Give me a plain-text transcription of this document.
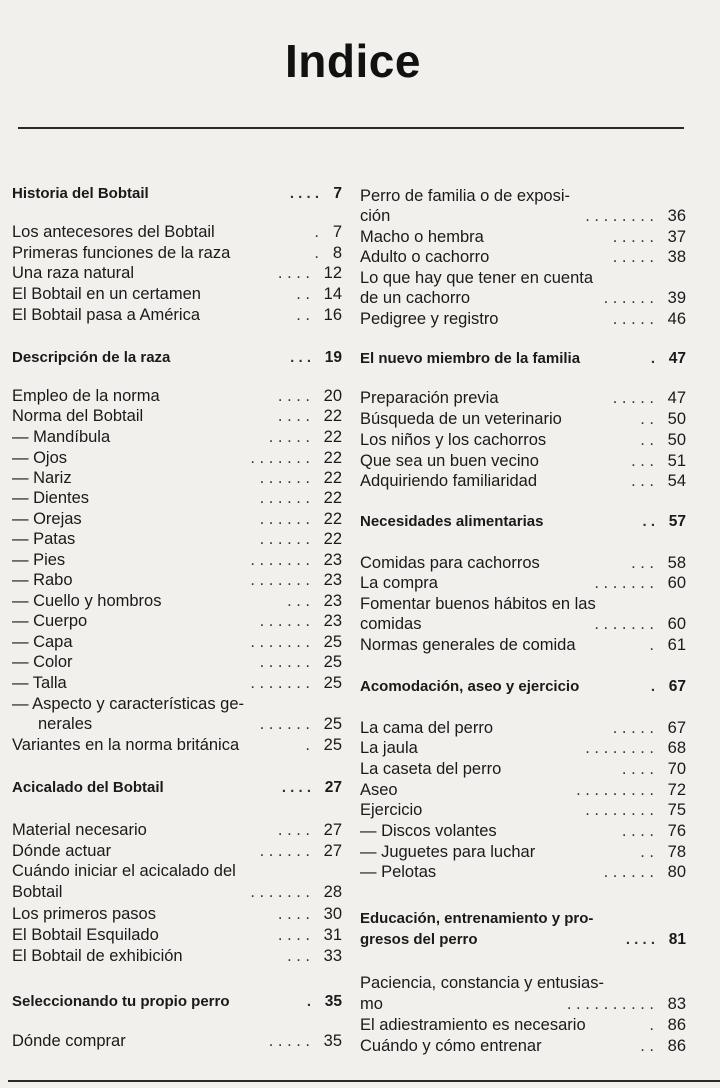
Indice
Historia del Bobtail	. . . . 7
Los antecesores del Bobtail	. 7
Primeras funciones de la raza	. 8
Una raza natural	. . . . 12
El Bobtail en un certamen	. . 14
El Bobtail pasa a América	. . 16
Descripción de la raza	. . . 19
Empleo de la norma	. . . . 20
Norma del Bobtail	. . . . 22
— Mandíbula	. . . . . 22
— Ojos	. . . . . . . 22
— Nariz	. . . . . . 22
— Dientes	. . . . . . 22
— Orejas	. . . . . . 22
— Patas	. . . . . . 22
— Pies	. . . . . . . 23
— Rabo	. . . . . . . 23
— Cuello y hombros	. . . 23
— Cuerpo	. . . . . . 23
— Capa	. . . . . . . 25
— Color	. . . . . . 25
— Talla	. . . . . . . 25
— Aspecto y características ge-
nerales	. . . . . . 25
Variantes en la norma británica	. 25
Acicalado del Bobtail	. . . . 27
Material necesario	. . . . 27
Dónde actuar	. . . . . . 27
Cuándo iniciar el acicalado del
Bobtail	. . . . . . . 28
Los primeros pasos	. . . . 30
El Bobtail Esquilado	. . . . 31
El Bobtail de exhibición	. . . 33
Seleccionando tu propio perro	. 35
Dónde comprar	. . . . . 35
Perro de familia o de exposi-
ción	. . . . . . . . 36
Macho o hembra	. . . . . 37
Adulto o cachorro	. . . . . 38
Lo que hay que tener en cuenta
de un cachorro	. . . . . . 39
Pedigree y registro	. . . . . 46
El nuevo miembro de la familia	. 47
Preparación previa	. . . . . 47
Búsqueda de un veterinario	. . 50
Los niños y los cachorros	. . 50
Que sea un buen vecino	. . . 51
Adquiriendo familiaridad	. . . 54
Necesidades alimentarias	. . 57
Comidas para cachorros	. . . 58
La compra	. . . . . . . 60
Fomentar buenos hábitos en las
comidas	. . . . . . . 60
Normas generales de comida	. 61
Acomodación, aseo y ejercicio	. 67
La cama del perro	. . . . . 67
La jaula	. . . . . . . . 68
La caseta del perro	. . . . 70
Aseo	. . . . . . . . . 72
Ejercicio	. . . . . . . . 75
— Discos volantes	. . . . 76
— Juguetes para luchar	. . 78
— Pelotas	. . . . . . 80
Educación, entrenamiento y pro-
gresos del perro	. . . . 81
Paciencia, constancia y entusias-
mo	. . . . . . . . . . 83
El adiestramiento es necesario	. 86
Cuándo y cómo entrenar	. . 86
